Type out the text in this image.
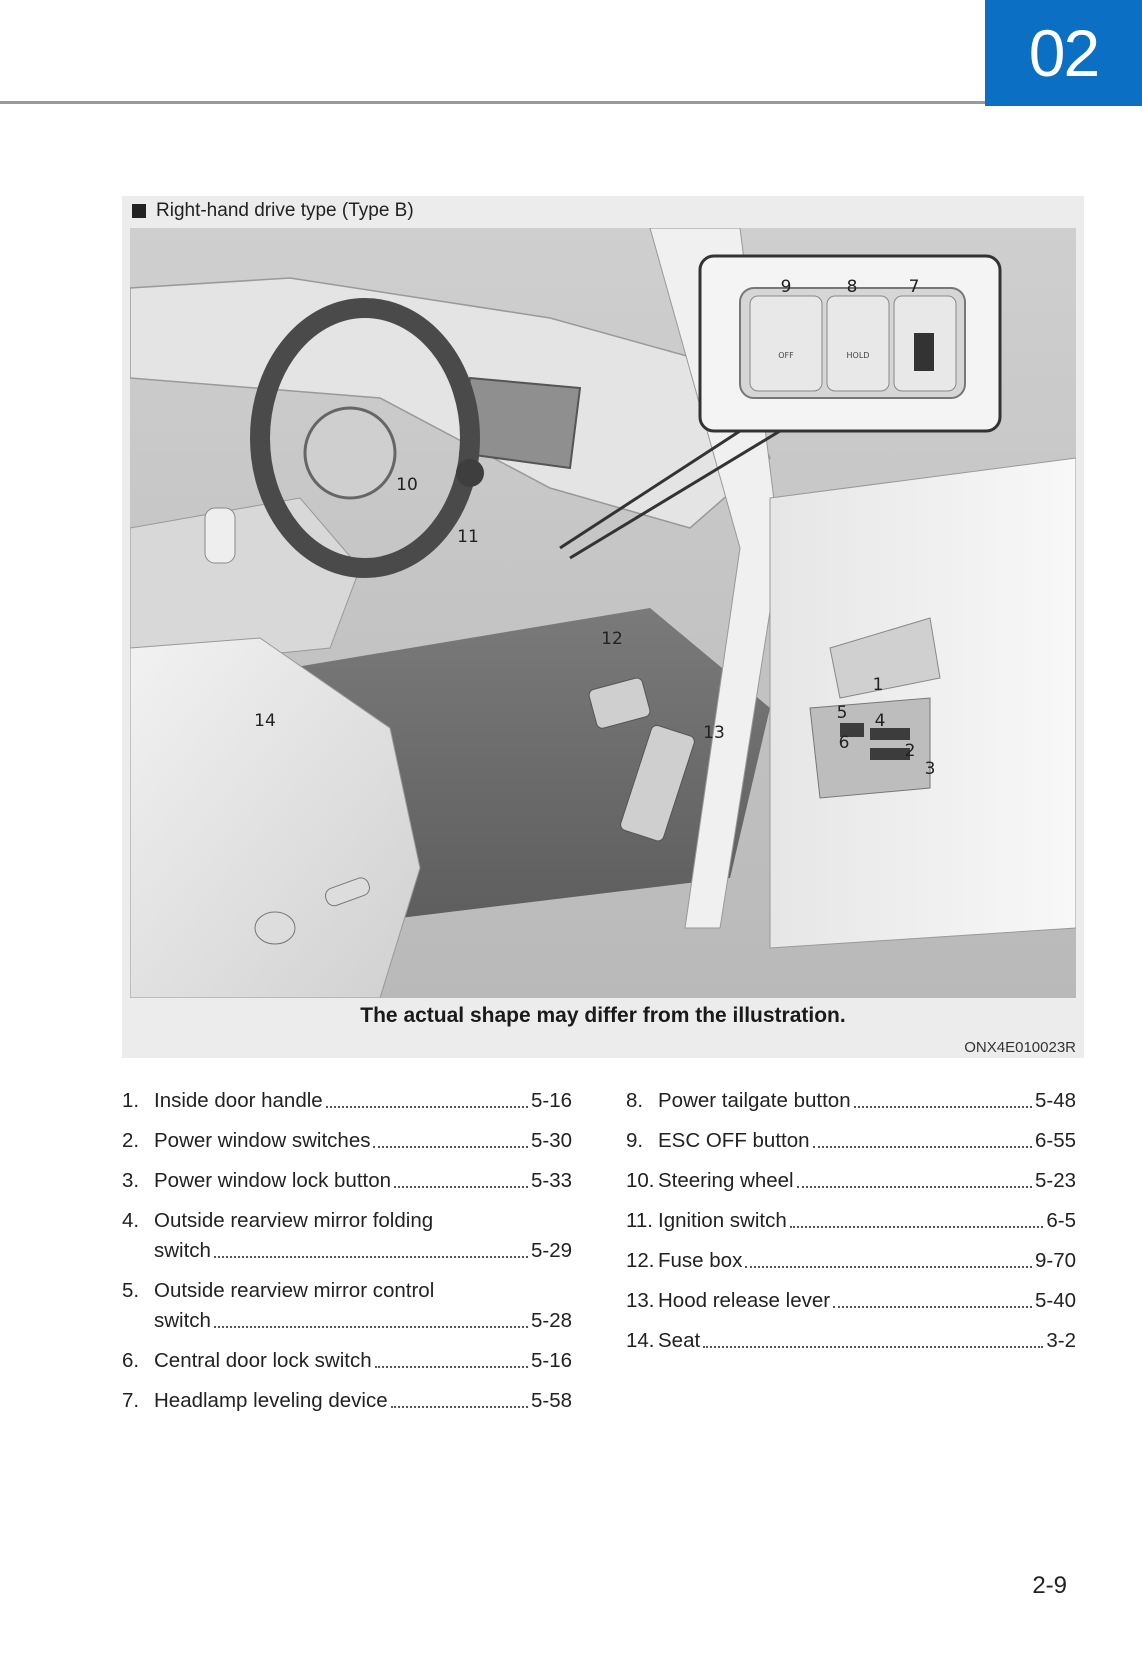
02
Right-hand drive type (Type B)
OFF	HOLD
1
2
3
4
5
6
7
8
9
10
11
12
13
14
The actual shape may differ from the illustration.
ONX4E010023R
1. Inside door handle	5-16
2. Power window switches	5-30
3. Power window lock button	5-33
4. Outside rearview mirror folding
switch	5-29
5. Outside rearview mirror control
switch	5-28
6. Central door lock switch	5-16
7. Headlamp leveling device	5-58
8. Power tailgate button	5-48
9. ESC OFF button	6-55
10. Steering wheel	5-23
11. Ignition switch	6-5
12. Fuse box	9-70
13. Hood release lever	5-40
14. Seat	3-2
2-9
